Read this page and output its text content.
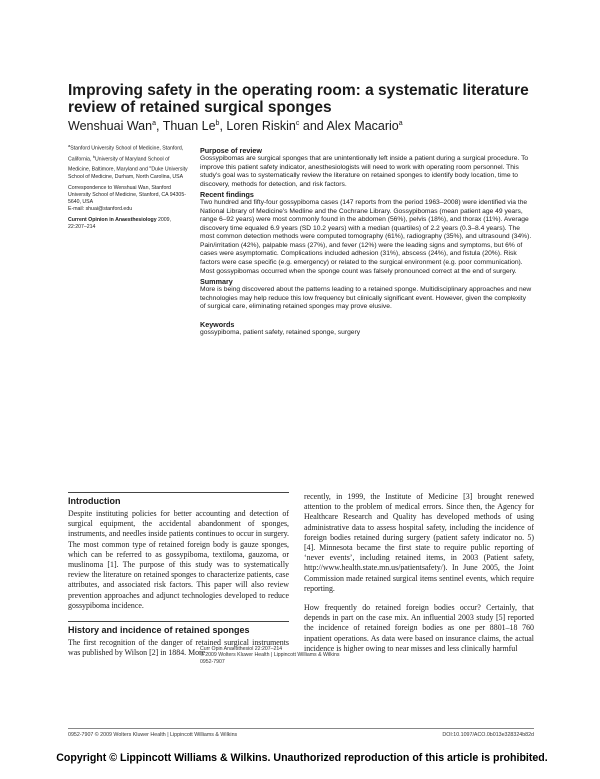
Improving safety in the operating room: a systematic literature review of retained surgical sponges
Wenshuai Wan$^a$, Thuan Le$^b$, Loren Riskin$^c$ and Alex Macario$^a$

$^a$Stanford University School of Medicine, Stanford, California, $^b$University of Maryland School of Medicine, Baltimore, Maryland and $^c$Duke University School of Medicine, Durham, North Carolina, USA

Correspondence to Wenshuai Wan, Stanford University School of Medicine, Stanford, CA 94305-5640, USA
E-mail: shuai@stanford.edu

Current Opinion in Anaesthesiology 2009, 22:207–214

Purpose of review

Gossypibomas are surgical sponges that are unintentionally left inside a patient during a surgical procedure. To improve this patient safety indicator, anesthesiologists will need to work with operating room personnel. This study's goal was to systematically review the literature on retained sponges to identify body location, time to discovery, methods for detection, and risk factors.

Recent findings

Two hundred and fifty-four gossypiboma cases (147 reports from the period 1963–2008) were identified via the National Library of Medicine's Medline and the Cochrane Library. Gossypibomas (mean patient age 49 years, range 6–92 years) were most commonly found in the abdomen (56%), pelvis (18%), and thorax (11%). Average discovery time equaled 6.9 years (SD 10.2 years) with a median (quartiles) of 2.2 years (0.3–8.4 years). The most common detection methods were computed tomography (61%), radiography (35%), and ultrasound (34%). Pain/irritation (42%), palpable mass (27%), and fever (12%) were the leading signs and symptoms, but 6% of cases were asymptomatic. Complications included adhesion (31%), abscess (24%), and fistula (20%). Risk factors were case specific (e.g. emergency) or related to the surgical environment (e.g. poor communication). Most gossypibomas occurred when the sponge count was falsely pronounced correct at the end of surgery.

Summary

More is being discovered about the patterns leading to a retained sponge. Multidisciplinary approaches and new technologies may help reduce this low frequency but clinically significant event. However, given the complexity of surgical care, eliminating retained sponges may prove elusive.

Keywords

gossypiboma, patient safety, retained sponge, surgery

Curr Opin Anaesthesiol 22:207–214
© 2009 Wolters Kluwer Health | Lippincott Williams & Wilkins
0952-7907
Introduction

Despite instituting policies for better accounting and detection of surgical equipment, the accidental abandonment of sponges, instruments, and needles inside patients continues to occur in surgery. The most common type of retained foreign body is gauze sponges, which can be referred to as gossypiboma, textiloma, gauzoma, or muslinoma [1]. The purpose of this study was to systematically review the literature on retained sponges to characterize patients, case attributes, and associated risk factors. This paper will also review prevention approaches and adjunct technologies developed to reduce gossypiboma incidence.

History and incidence of retained sponges

The first recognition of the danger of retained surgical instruments was published by Wilson [2] in 1884. More

recently, in 1999, the Institute of Medicine [3] brought renewed attention to the problem of medical errors. Since then, the Agency for Healthcare Research and Quality has developed methods of using administrative data to assess hospital safety, including the incidence of foreign bodies retained during surgery (patient safety indicator no. 5) [4]. Minnesota became the first state to require public reporting of ‘never events’, including retained items, in 2003 (Patient safety, http://www.health.state.mn.us/patientsafety/). In June 2005, the Joint Commission made retained surgical items sentinel events, which require reporting.

How frequently do retained foreign bodies occur? Certainly, that depends in part on the case mix. An influential 2003 study [5] reported the incidence of retained foreign bodies as one per 8801–18 760 inpatient operations. As data were based on insurance claims, the actual incidence is higher owing to near misses and less clinically harmful

0952-7907 © 2009 Wolters Kluwer Health | Lippincott Williams & Wilkins	DOI:10.1097/ACO.0b013e328324b82d
Copyright © Lippincott Williams & Wilkins. Unauthorized reproduction of this article is prohibited.
